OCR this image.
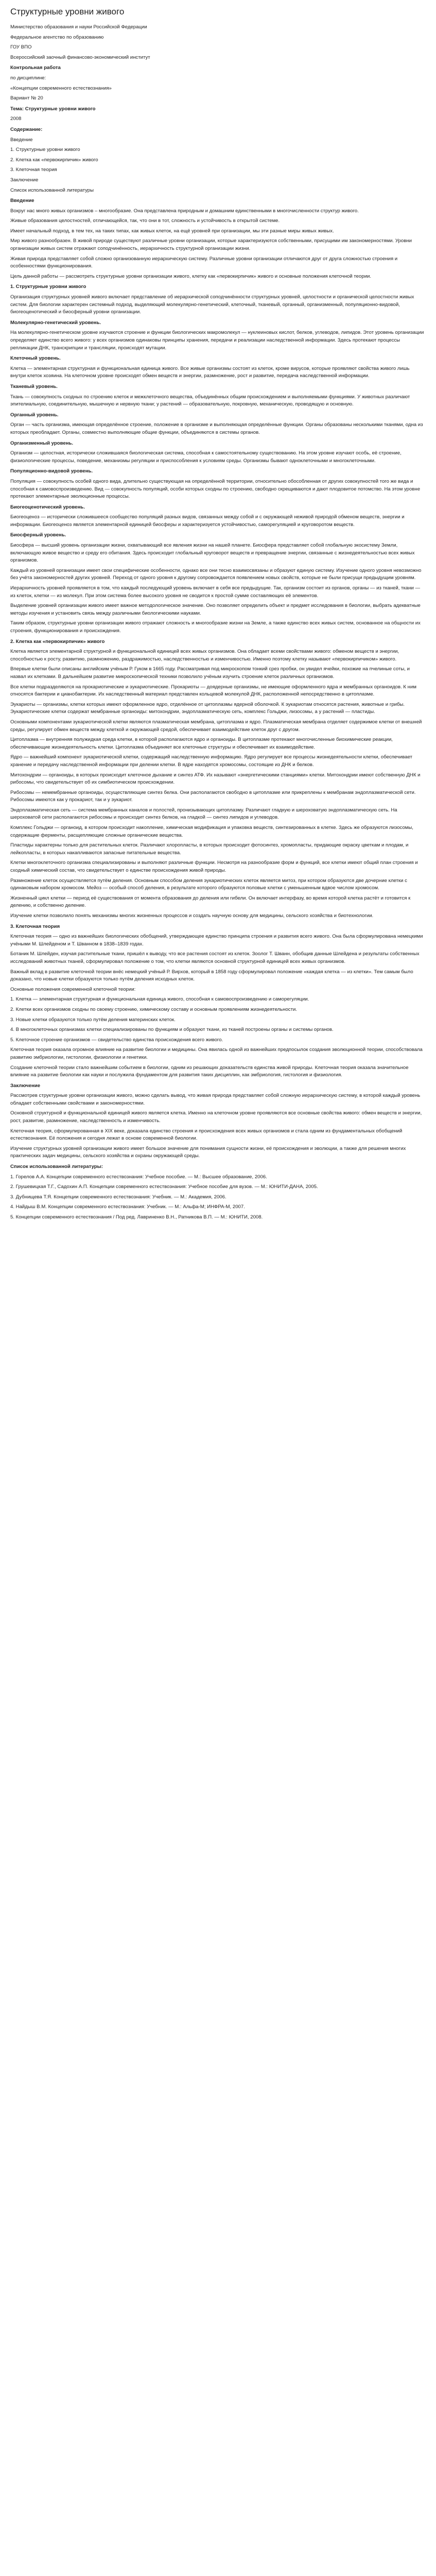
Структурные уровни живого

Министерство образования и науки Российской Федерации

Федеральное агентство по образованию

ГОУ ВПО

Всероссийский заочный финансово-экономический институт

Контрольная работа

по дисциплине:

«Концепции современного естествознания»

Вариант № 20

Тема: Структурные уровни живого

2008

Содержание:

Введение

1. Структурные уровни живого

2. Клетка как «первокирпичик» живого

3. Клеточная теория

Заключение

Список использованной литературы

Введение

Вокруг нас много живых организмов – многообразие. Она представлена природным и домашним единственными в многочисленности структур живого.

Живые образования целостностей, отличающейся, так, что они в тот, сложность и устойчивость в открытой системе.

Имеет начальный подход, в тем тех, на таких типах, как живых клеток, на ещё уровней при организации, мы эти разные миры живых живых.

Мир живого разнообразен. В живой природе существуют различные уровни организации, которые характеризуются собственными, присущими им закономерностями. Уровни организации живых систем отражают соподчинённость, иерархичность структурной организации жизни.

Живая природа представляет собой сложно организованную иерархическую систему. Различные уровни организации отличаются друг от друга сложностью строения и особенностями функционирования.

Цель данной работы — рассмотреть структурные уровни организации живого, клетку как «первокирпичик» живого и основные положения клеточной теории.

1. Структурные уровни живого

Организация структурных уровней живого включает представление об иерархической соподчинённости структурных уровней, целостности и органической целостности живых систем. Для биологии характерен системный подход, выделяющий молекулярно-генетический, клеточный, тканевый, органный, организменный, популяционно-видовой, биогеоценотический и биосферный уровни организации.

Молекулярно-генетический уровень.

На молекулярно-генетическом уровне изучаются строение и функции биологических макромолекул — нуклеиновых кислот, белков, углеводов, липидов. Этот уровень организации определяет единство всего живого: у всех организмов одинаковы принципы хранения, передачи и реализации наследственной информации. Здесь протекают процессы репликации ДНК, транскрипции и трансляции, происходят мутации.

Клеточный уровень.

Клетка — элементарная структурная и функциональная единица живого. Все живые организмы состоят из клеток, кроме вирусов, которые проявляют свойства живого лишь внутри клеток хозяина. На клеточном уровне происходят обмен веществ и энергии, размножение, рост и развитие, передача наследственной информации.

Тканевый уровень.

Ткань — совокупность сходных по строению клеток и межклеточного вещества, объединённых общим происхождением и выполняемыми функциями. У животных различают эпителиальную, соединительную, мышечную и нервную ткани; у растений — образовательную, покровную, механическую, проводящую и основную.

Органный уровень.

Орган — часть организма, имеющая определённое строение, положение в организме и выполняющая определённые функции. Органы образованы несколькими тканями, одна из которых преобладает. Органы, совместно выполняющие общие функции, объединяются в системы органов.

Организменный уровень.

Организм — целостная, исторически сложившаяся биологическая система, способная к самостоятельному существованию. На этом уровне изучают особь, её строение, физиологические процессы, поведение, механизмы регуляции и приспособления к условиям среды. Организмы бывают одноклеточными и многоклеточными.

Популяционно-видовой уровень.

Популяция — совокупность особей одного вида, длительно существующая на определённой территории, относительно обособленная от других совокупностей того же вида и способная к самовоспроизведению. Вид — совокупность популяций, особи которых сходны по строению, свободно скрещиваются и дают плодовитое потомство. На этом уровне протекают элементарные эволюционные процессы.

Биогеоценотический уровень.

Биогеоценоз — исторически сложившееся сообщество популяций разных видов, связанных между собой и с окружающей неживой природой обменом веществ, энергии и информации. Биогеоценоз является элементарной единицей биосферы и характеризуется устойчивостью, саморегуляцией и круговоротом веществ.

Биосферный уровень.

Биосфера — высший уровень организации жизни, охватывающий все явления жизни на нашей планете. Биосфера представляет собой глобальную экосистему Земли, включающую живое вещество и среду его обитания. Здесь происходит глобальный круговорот веществ и превращение энергии, связанные с жизнедеятельностью всех живых организмов.

Каждый из уровней организации имеет свои специфические особенности, однако все они тесно взаимосвязаны и образуют единую систему. Изучение одного уровня невозможно без учёта закономерностей других уровней. Переход от одного уровня к другому сопровождается появлением новых свойств, которые не были присущи предыдущим уровням.

Иерархичность уровней проявляется в том, что каждый последующий уровень включает в себя все предыдущие. Так, организм состоит из органов, органы — из тканей, ткани — из клеток, клетки — из молекул. При этом система более высокого уровня не сводится к простой сумме составляющих её элементов.

Выделение уровней организации живого имеет важное методологическое значение. Оно позволяет определить объект и предмет исследования в биологии, выбрать адекватные методы изучения и установить связь между различными биологическими науками.

Таким образом, структурные уровни организации живого отражают сложность и многообразие жизни на Земле, а также единство всех живых систем, основанное на общности их строения, функционирования и происхождения.

2. Клетка как «первокирпичик» живого

Клетка является элементарной структурной и функциональной единицей всех живых организмов. Она обладает всеми свойствами живого: обменом веществ и энергии, способностью к росту, развитию, размножению, раздражимостью, наследственностью и изменчивостью. Именно поэтому клетку называют «первокирпичиком» живого.

Впервые клетки были описаны английским учёным Р. Гуком в 1665 году. Рассматривая под микроскопом тонкий срез пробки, он увидел ячейки, похожие на пчелиные соты, и назвал их клетками. В дальнейшем развитие микроскопической техники позволило учёным изучить строение клеток различных организмов.

Все клетки подразделяются на прокариотические и эукариотические. Прокариоты — доядерные организмы, не имеющие оформленного ядра и мембранных органоидов. К ним относятся бактерии и цианобактерии. Их наследственный материал представлен кольцевой молекулой ДНК, расположенной непосредственно в цитоплазме.

Эукариоты — организмы, клетки которых имеют оформленное ядро, отделённое от цитоплазмы ядерной оболочкой. К эукариотам относятся растения, животные и грибы. Эукариотические клетки содержат мембранные органоиды: митохондрии, эндоплазматическую сеть, комплекс Гольджи, лизосомы, а у растений — пластиды.

Основными компонентами эукариотической клетки являются плазматическая мембрана, цитоплазма и ядро. Плазматическая мембрана отделяет содержимое клетки от внешней среды, регулирует обмен веществ между клеткой и окружающей средой, обеспечивает взаимодействие клеток друг с другом.

Цитоплазма — внутренняя полужидкая среда клетки, в которой располагаются ядро и органоиды. В цитоплазме протекают многочисленные биохимические реакции, обеспечивающие жизнедеятельность клетки. Цитоплазма объединяет все клеточные структуры и обеспечивает их взаимодействие.

Ядро — важнейший компонент эукариотической клетки, содержащий наследственную информацию. Ядро регулирует все процессы жизнедеятельности клетки, обеспечивает хранение и передачу наследственной информации при делении клетки. В ядре находятся хромосомы, состоящие из ДНК и белков.

Митохондрии — органоиды, в которых происходит клеточное дыхание и синтез АТФ. Их называют «энергетическими станциями» клетки. Митохондрии имеют собственную ДНК и рибосомы, что свидетельствует об их симбиотическом происхождении.

Рибосомы — немембранные органоиды, осуществляющие синтез белка. Они располагаются свободно в цитоплазме или прикреплены к мембранам эндоплазматической сети. Рибосомы имеются как у прокариот, так и у эукариот.

Эндоплазматическая сеть — система мембранных каналов и полостей, пронизывающих цитоплазму. Различают гладкую и шероховатую эндоплазматическую сеть. На шероховатой сети располагаются рибосомы и происходит синтез белков, на гладкой — синтез липидов и углеводов.

Комплекс Гольджи — органоид, в котором происходит накопление, химическая модификация и упаковка веществ, синтезированных в клетке. Здесь же образуются лизосомы, содержащие ферменты, расщепляющие сложные органические вещества.

Пластиды характерны только для растительных клеток. Различают хлоропласты, в которых происходит фотосинтез, хромопласты, придающие окраску цветкам и плодам, и лейкопласты, в которых накапливаются запасные питательные вещества.

Клетки многоклеточного организма специализированы и выполняют различные функции. Несмотря на разнообразие форм и функций, все клетки имеют общий план строения и сходный химический состав, что свидетельствует о единстве происхождения живой природы.

Размножение клеток осуществляется путём деления. Основным способом деления эукариотических клеток является митоз, при котором образуются две дочерние клетки с одинаковым набором хромосом. Мейоз — особый способ деления, в результате которого образуются половые клетки с уменьшенным вдвое числом хромосом.

Жизненный цикл клетки — период её существования от момента образования до деления или гибели. Он включает интерфазу, во время которой клетка растёт и готовится к делению, и собственно деление.

Изучение клетки позволило понять механизмы многих жизненных процессов и создать научную основу для медицины, сельского хозяйства и биотехнологии.

3. Клеточная теория

Клеточная теория — одно из важнейших биологических обобщений, утверждающее единство принципа строения и развития всего живого. Она была сформулирована немецкими учёными М. Шлейденом и Т. Шванном в 1838–1839 годах.

Ботаник М. Шлейден, изучая растительные ткани, пришёл к выводу, что все растения состоят из клеток. Зоолог Т. Шванн, обобщив данные Шлейдена и результаты собственных исследований животных тканей, сформулировал положение о том, что клетки являются основной структурной единицей всех живых организмов.

Важный вклад в развитие клеточной теории внёс немецкий учёный Р. Вирхов, который в 1858 году сформулировал положение «каждая клетка — из клетки». Тем самым было доказано, что новые клетки образуются только путём деления исходных клеток.

Основные положения современной клеточной теории:

1. Клетка — элементарная структурная и функциональная единица живого, способная к самовоспроизведению и саморегуляции.

2. Клетки всех организмов сходны по своему строению, химическому составу и основным проявлениям жизнедеятельности.

3. Новые клетки образуются только путём деления материнских клеток.

4. В многоклеточных организмах клетки специализированы по функциям и образуют ткани, из тканей построены органы и системы органов.

5. Клеточное строение организмов — свидетельство единства происхождения всего живого.

Клеточная теория оказала огромное влияние на развитие биологии и медицины. Она явилась одной из важнейших предпосылок создания эволюционной теории, способствовала развитию эмбриологии, гистологии, физиологии и генетики.

Создание клеточной теории стало важнейшим событием в биологии, одним из решающих доказательств единства живой природы. Клеточная теория оказала значительное влияние на развитие биологии как науки и послужила фундаментом для развития таких дисциплин, как эмбриология, гистология и физиология.

Заключение

Рассмотрев структурные уровни организации живого, можно сделать вывод, что живая природа представляет собой сложную иерархическую систему, в которой каждый уровень обладает собственными свойствами и закономерностями.

Основной структурной и функциональной единицей живого является клетка. Именно на клеточном уровне проявляются все основные свойства живого: обмен веществ и энергии, рост, развитие, размножение, наследственность и изменчивость.

Клеточная теория, сформулированная в XIX веке, доказала единство строения и происхождения всех живых организмов и стала одним из фундаментальных обобщений естествознания. Её положения и сегодня лежат в основе современной биологии.

Изучение структурных уровней организации живого имеет большое значение для понимания сущности жизни, её происхождения и эволюции, а также для решения многих практических задач медицины, сельского хозяйства и охраны окружающей среды.

Список использованной литературы:

1. Горелов А.А. Концепции современного естествознания: Учебное пособие. — М.: Высшее образование, 2006.

2. Грушевицкая Т.Г., Садохин А.П. Концепции современного естествознания: Учебное пособие для вузов. — М.: ЮНИТИ-ДАНА, 2005.

3. Дубнищева Т.Я. Концепции современного естествознания: Учебник. — М.: Академия, 2006.

4. Найдыш В.М. Концепции современного естествознания: Учебник. — М.: Альфа-М; ИНФРА-М, 2007.

5. Концепции современного естествознания / Под ред. Лавриненко В.Н., Ратникова В.П. — М.: ЮНИТИ, 2008.
